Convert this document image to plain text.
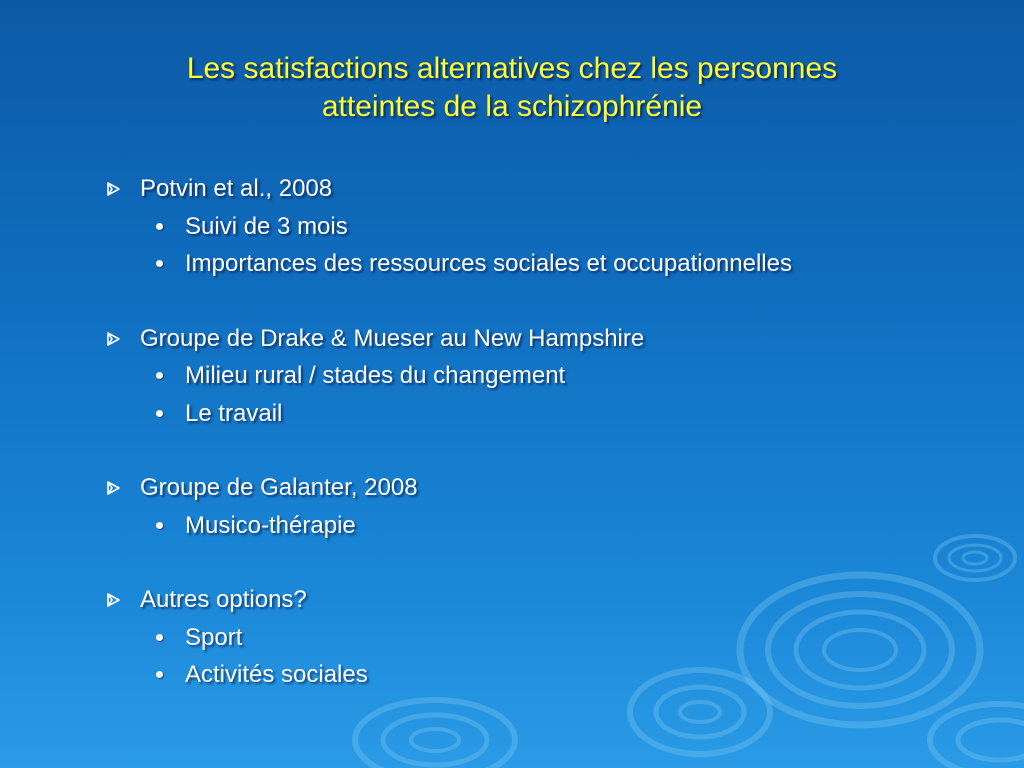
Les satisfactions alternatives chez les personnes
atteintes de la schizophrénie
Potvin et al., 2008
Suivi de 3 mois
Importances des ressources sociales et occupationnelles
Groupe de Drake & Mueser au New Hampshire
Milieu rural / stades du changement
Le travail
Groupe de Galanter, 2008
Musico-thérapie
Autres options?
Sport
Activités sociales
